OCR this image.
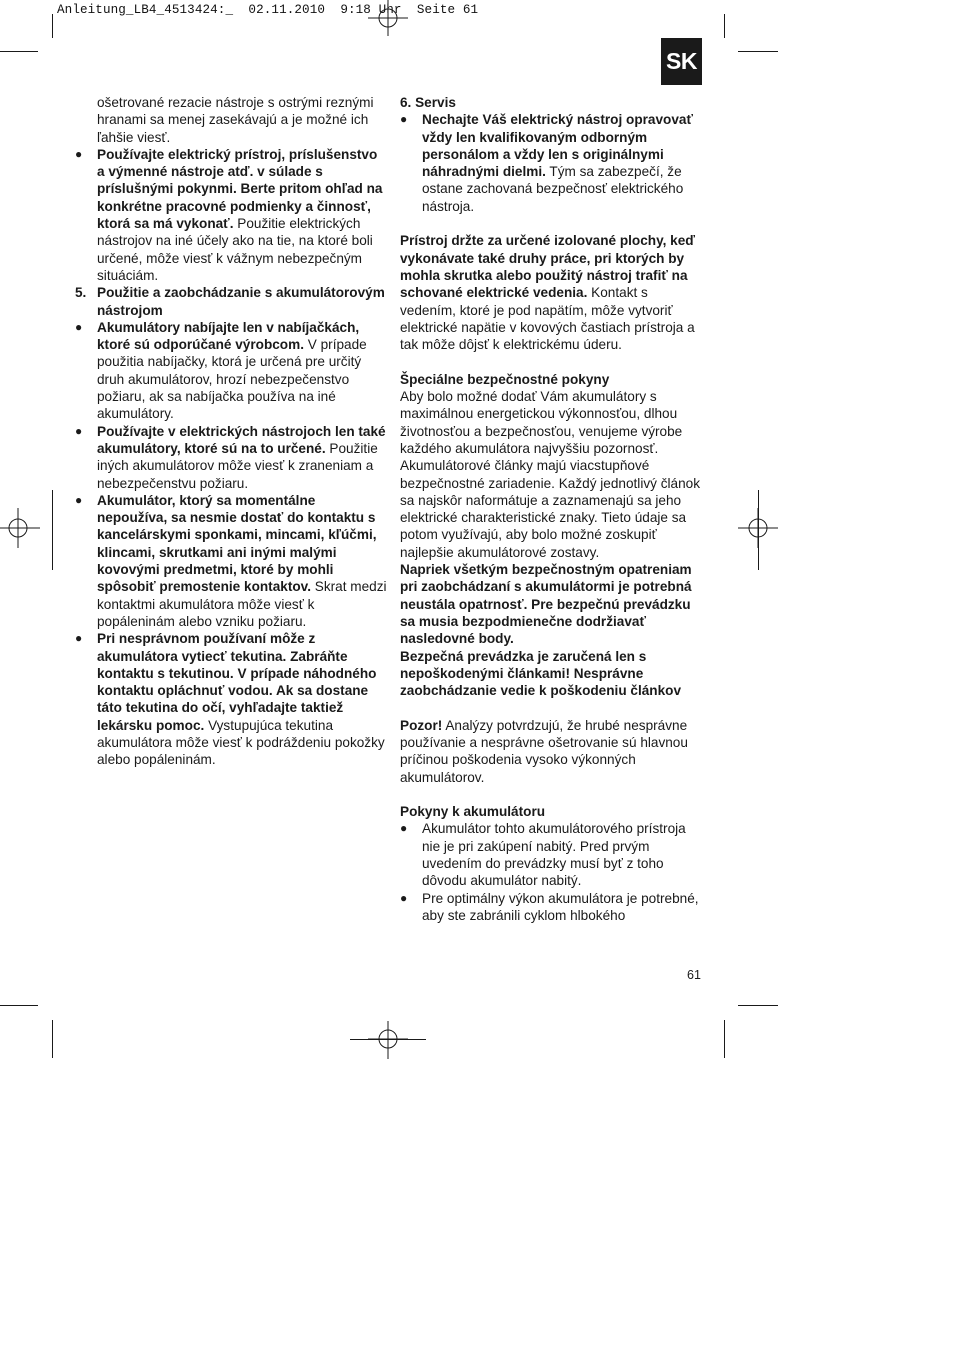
Anleitung_LB4_4513424:_  02.11.2010  9:18 Uhr  Seite 61
SK

ošetrované rezacie nástroje s ostrými reznými hranami sa menej zasekávajú a je možné ich ľahšie viesť.

● Používajte elektrický prístroj, príslušenstvo a výmenné nástroje atď. v súlade s príslušnými pokynmi. Berte pritom ohľad na konkrétne pracovné podmienky a činnosť, ktorá sa má vykonať. Použitie elektrických nástrojov na iné účely ako na tie, na ktoré boli určené, môže viesť k vážnym nebezpečným situáciám.

5. Použitie a zaobchádzanie s akumulátorovým nástrojom

● Akumulátory nabíjajte len v nabíjačkách, ktoré sú odporúčané výrobcom. V prípade použitia nabíjačky, ktorá je určená pre určitý druh akumulátorov, hrozí nebezpečenstvo požiaru, ak sa nabíjačka používa na iné akumulátory.

● Používajte v elektrických nástrojoch len také akumulátory, ktoré sú na to určené. Použitie iných akumulátorov môže viesť k zraneniam a nebezpečenstvu požiaru.

● Akumulátor, ktorý sa momentálne nepoužíva, sa nesmie dostať do kontaktu s kancelárskymi sponkami, mincami, kľúčmi, klincami, skrutkami ani inými malými kovovými predmetmi, ktoré by mohli spôsobiť premostenie kontaktov. Skrat medzi kontaktmi akumulátora môže viesť k popáleninám alebo vzniku požiaru.

● Pri nesprávnom používaní môže z akumulátora vytiecť tekutina. Zabráňte kontaktu s tekutinou. V prípade náhodného kontaktu opláchnuť vodou. Ak sa dostane táto tekutina do očí, vyhľadajte taktiež lekársku pomoc. Vystupujúca tekutina akumulátora môže viesť k podráždeniu pokožky alebo popáleninám.

6. Servis

● Nechajte Váš elektrický nástroj opravovať vždy len kvalifikovaným odborným personálom a vždy len s originálnymi náhradnými dielmi. Tým sa zabezpečí, že ostane zachovaná bezpečnosť elektrického nástroja.

Prístroj držte za určené izolované plochy, keď vykonávate také druhy práce, pri ktorých by mohla skrutka alebo použitý nástroj trafiť na schované elektrické vedenia. Kontakt s vedením, ktoré je pod napätím, môže vytvoriť elektrické napätie v kovových častiach prístroja a tak môže dôjsť k elektrickému úderu.

Špeciálne bezpečnostné pokyny

Aby bolo možné dodať Vám akumulátory s maximálnou energetickou výkonnosťou, dlhou životnosťou a bezpečnosťou, venujeme výrobe každého akumulátora najvyššiu pozornosť. Akumulátorové články majú viacstupňové bezpečnostné zariadenie. Každý jednotlivý článok sa najskôr naformátuje a zaznamenajú sa jeho elektrické charakteristické znaky. Tieto údaje sa potom využívajú, aby bolo možné zoskupiť najlepšie akumulátorové zostavy.

Napriek všetkým bezpečnostným opatreniam pri zaobchádzaní s akumulátormi je potrebná neustála opatrnosť. Pre bezpečnú prevádzku sa musia bezpodmienečne dodržiavať nasledovné body.

Bezpečná prevádzka je zaručená len s nepoškodenými článkami! Nesprávne zaobchádzanie vedie k poškodeniu článkov

Pozor! Analýzy potvrdzujú, že hrubé nesprávne používanie a nesprávne ošetrovanie sú hlavnou príčinou poškodenia vysoko výkonných akumulátorov.

Pokyny k akumulátoru

● Akumulátor tohto akumulátorového prístroja nie je pri zakúpení nabitý. Pred prvým uvedením do prevádzky musí byť z toho dôvodu akumulátor nabitý.

● Pre optimálny výkon akumulátora je potrebné, aby ste zabránili cyklom hlbokého

61
